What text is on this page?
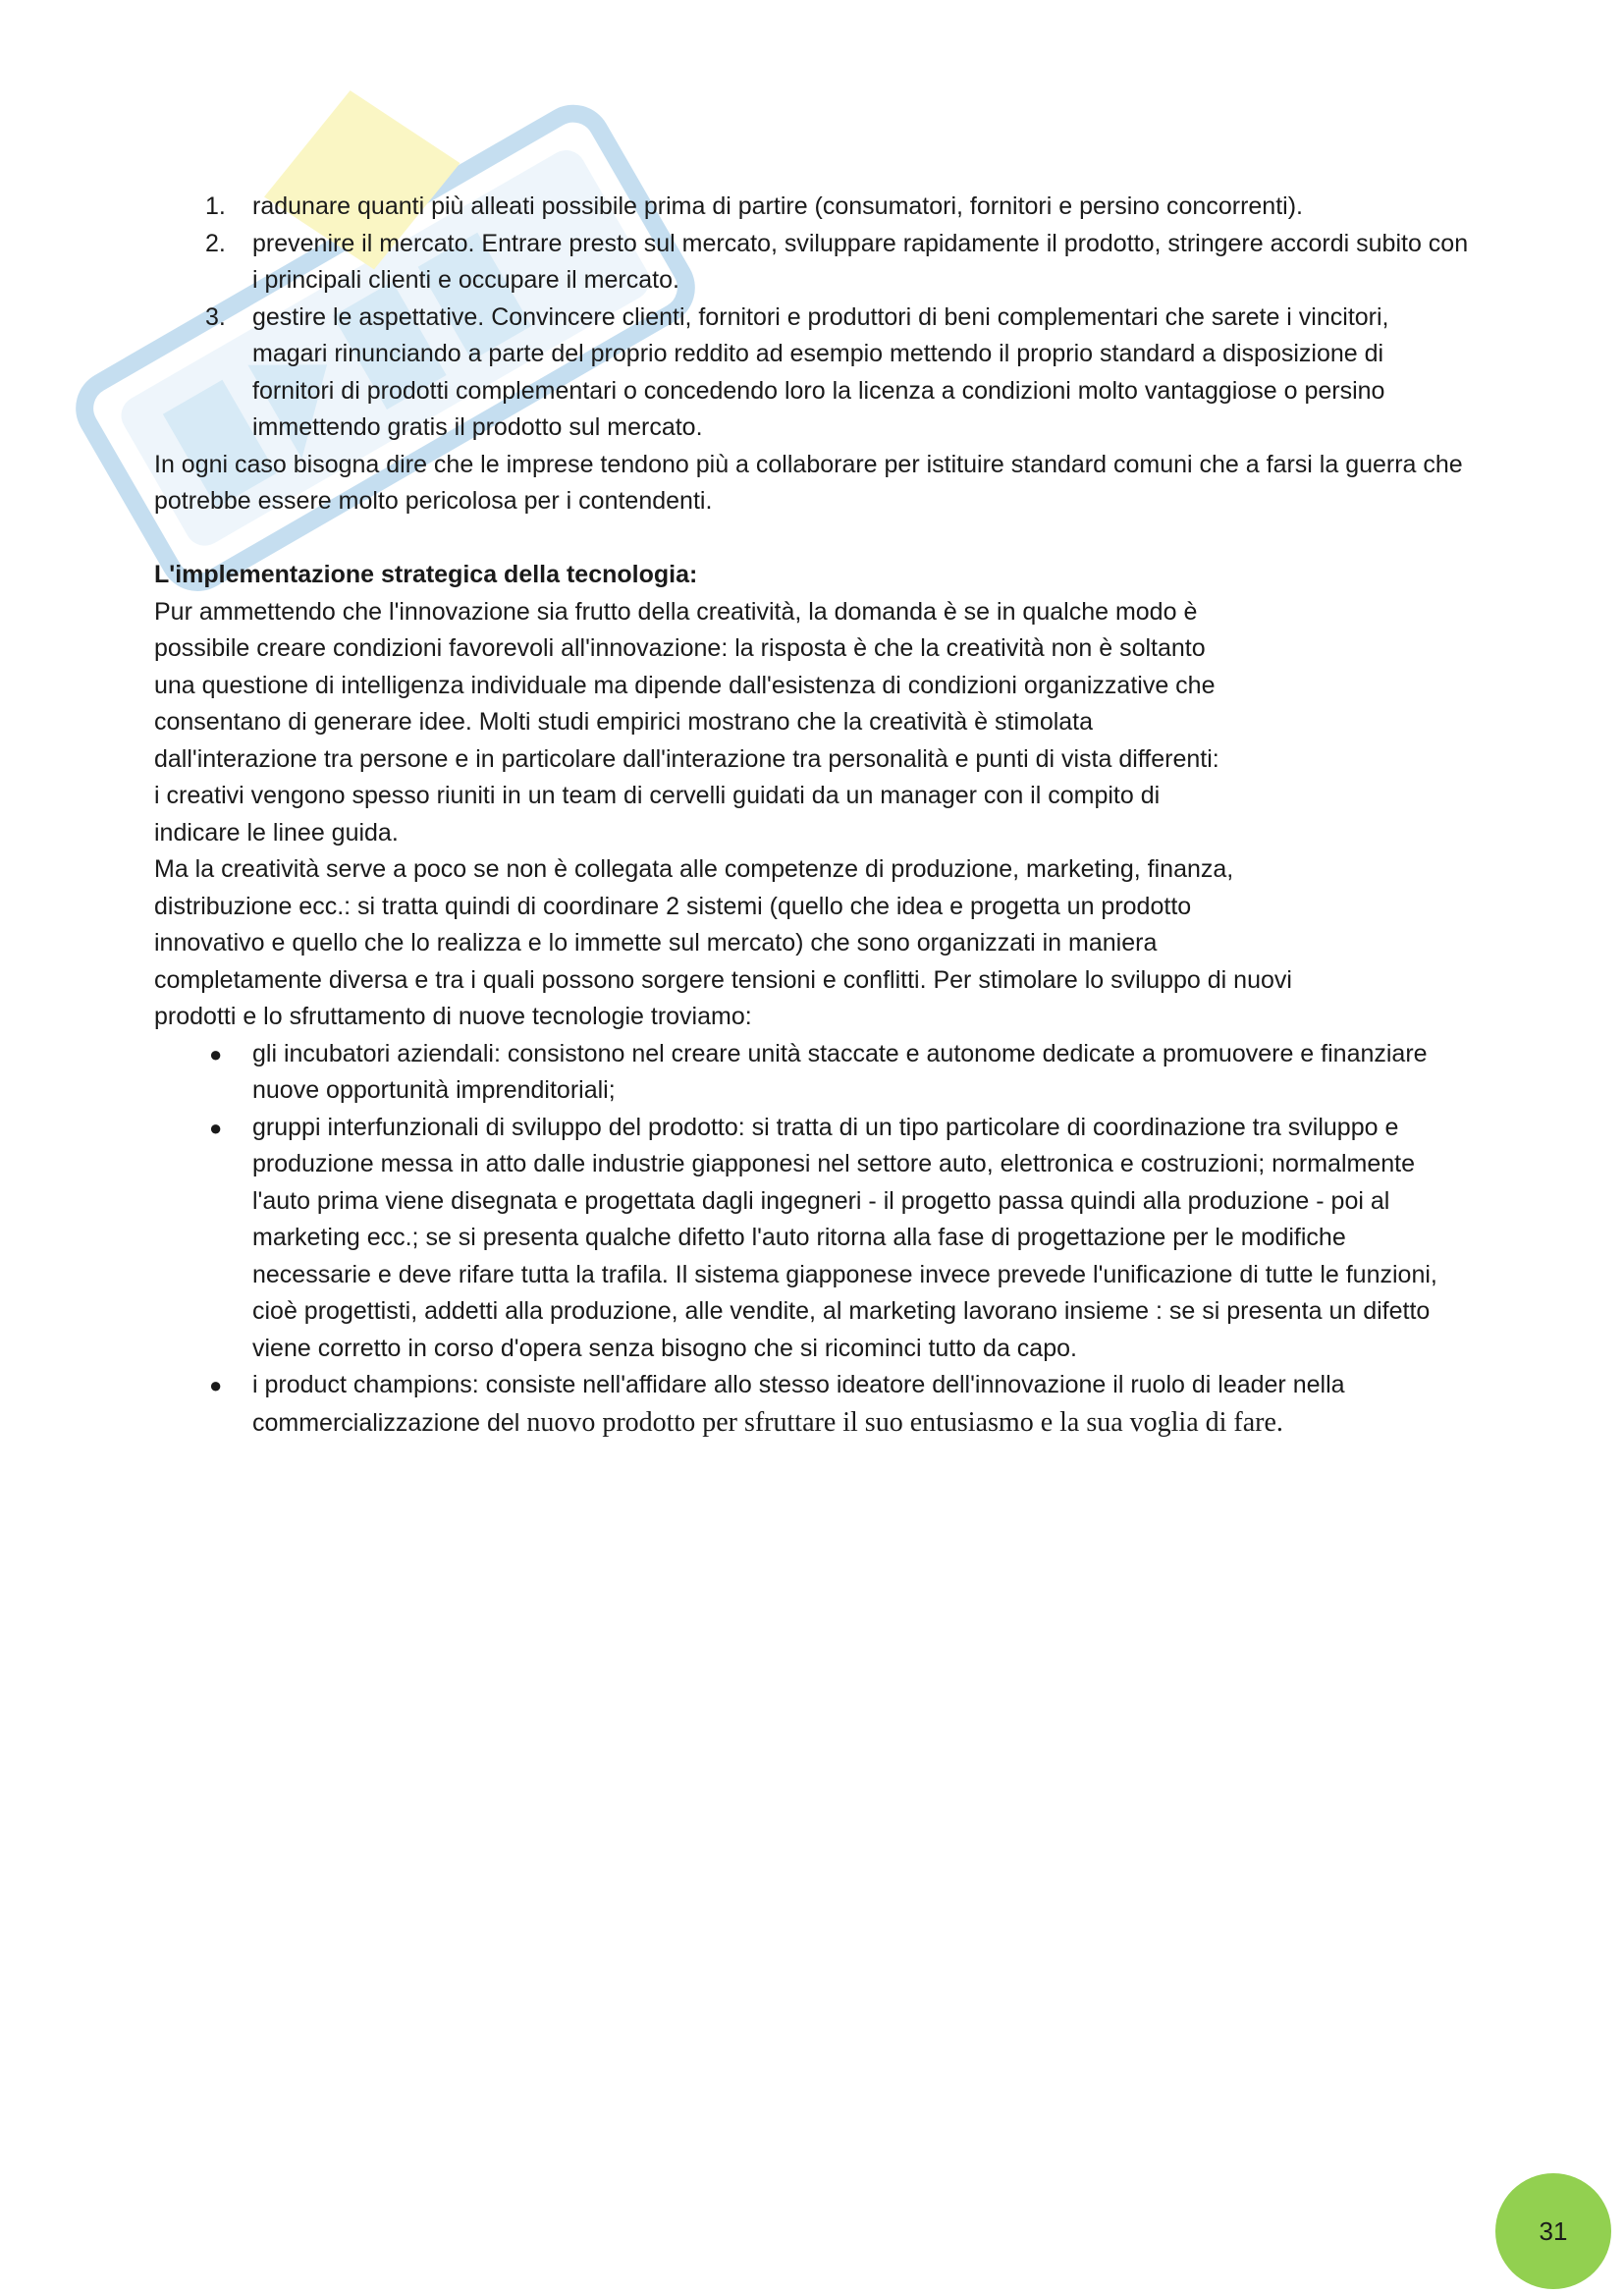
1. radunare quanti più alleati possibile prima di partire (consumatori, fornitori e persino concorrenti).
2. prevenire il mercato. Entrare presto sul mercato, sviluppare rapidamente il prodotto, stringere accordi subito con i principali clienti e occupare il mercato.
3. gestire le aspettative. Convincere clienti, fornitori e produttori di beni complementari che sarete i vincitori, magari rinunciando a parte del proprio reddito ad esempio mettendo il proprio standard a disposizione di fornitori di prodotti complementari o concedendo loro la licenza a condizioni molto vantaggiose o persino immettendo gratis il prodotto sul mercato.

In ogni caso bisogna dire che le imprese tendono più a collaborare per istituire standard comuni che a farsi la guerra che potrebbe essere molto pericolosa per i contendenti.

L'implementazione strategica della tecnologia:
Pur ammettendo che l'innovazione sia frutto della creatività, la domanda è se in qualche modo è
possibile creare condizioni favorevoli all'innovazione: la risposta è che la creatività non è soltanto
una questione di intelligenza individuale ma dipende dall'esistenza di condizioni organizzative che
consentano di generare idee. Molti studi empirici mostrano che la creatività è stimolata
dall'interazione tra persone e in particolare dall'interazione tra personalità e punti di vista differenti:
i creativi vengono spesso riuniti in un team di cervelli guidati da un manager con il compito di
indicare le linee guida.
Ma la creatività serve a poco se non è collegata alle competenze di produzione, marketing, finanza,
distribuzione ecc.: si tratta quindi di coordinare 2 sistemi (quello che idea e progetta un prodotto
innovativo e quello che lo realizza e lo immette sul mercato) che sono organizzati in maniera
completamente diversa e tra i quali possono sorgere tensioni e conflitti. Per stimolare lo sviluppo di nuovi
prodotti e lo sfruttamento di nuove tecnologie troviamo:
● gli incubatori aziendali: consistono nel creare unità staccate e autonome dedicate a promuovere e finanziare nuove opportunità imprenditoriali;
● gruppi interfunzionali di sviluppo del prodotto: si tratta di un tipo particolare di coordinazione tra sviluppo e produzione messa in atto dalle industrie giapponesi nel settore auto, elettronica e costruzioni; normalmente l'auto prima viene disegnata e progettata dagli ingegneri - il progetto passa quindi alla produzione - poi al marketing ecc.; se si presenta qualche difetto l'auto ritorna alla fase di progettazione per le modifiche necessarie e deve rifare tutta la trafila. Il sistema giapponese invece prevede l'unificazione di tutte le funzioni, cioè progettisti, addetti alla produzione, alle vendite, al marketing lavorano insieme : se si presenta un difetto viene corretto in corso d'opera senza bisogno che si ricominci tutto da capo.
● i product champions: consiste nell'affidare allo stesso ideatore dell'innovazione il ruolo di leader nella commercializzazione del nuovo prodotto per sfruttare il suo entusiasmo e la sua voglia di fare.
31
